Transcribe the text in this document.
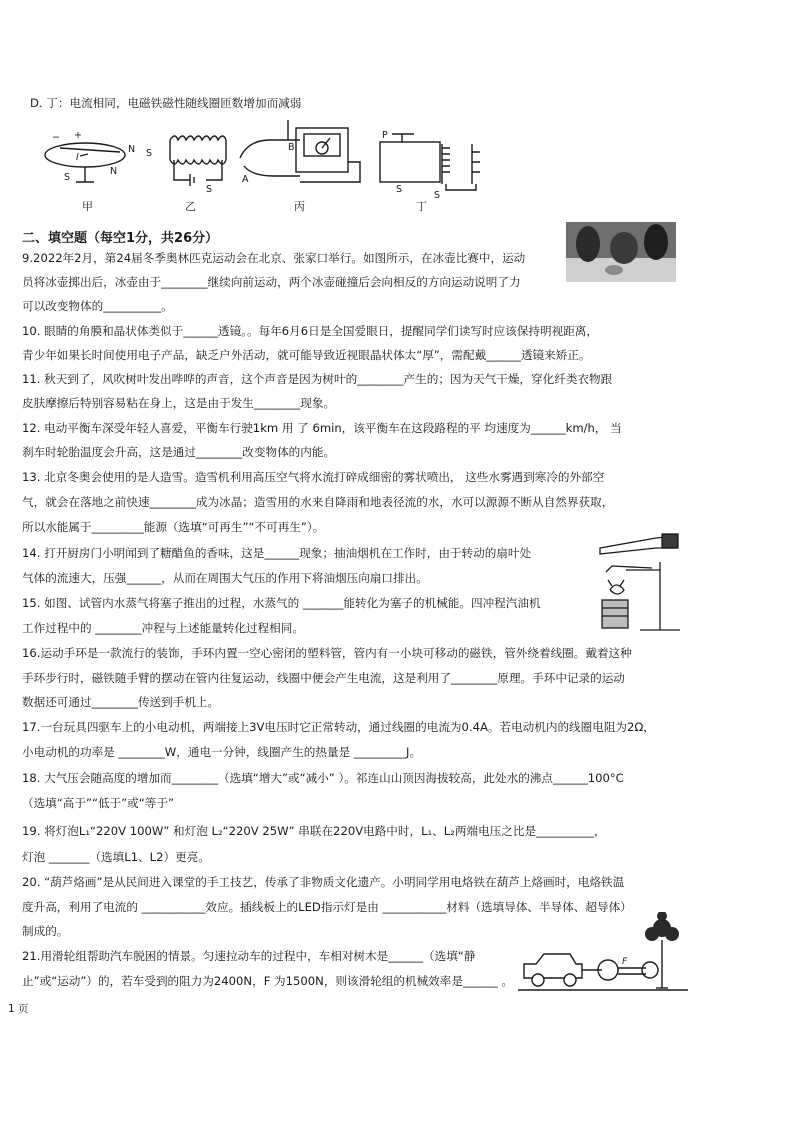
D. 丁：电流相同，电磁铁磁性随线圈匝数增加而减弱
− +
I
S
N
N S
S
B
A
P
S
S
甲	乙	丙	丁
二、填空题（每空1分，共26分）
F
9.2022年2月，第24届冬季奥林匹克运动会在北京、张家口举行。如图所示，在冰壶比赛中，运动
员将冰壶掷出后，冰壶由于________继续向前运动，两个冰壶碰撞后会向相反的方向运动说明了力
可以改变物体的__________。
10. 眼睛的角膜和晶状体类似于______透镜。。每年6月6日是全国爱眼日，提醒同学们读写时应该保持明视距离，
青少年如果长时间使用电子产品，缺乏户外活动，就可能导致近视眼晶状体太“厚”，需配戴______透镜来矫正。
11. 秋天到了，风吹树叶发出哗哗的声音，这个声音是因为树叶的________产生的；因为天气干燥，穿化纤类衣物跟
皮肤摩擦后特别容易粘在身上，这是由于发生________现象。
12. 电动平衡车深受年轻人喜爱，平衡车行驶1km 用 了 6min，该平衡车在这段路程的平 均速度为______km/h， 当
刹车时轮胎温度会升高，这是通过________改变物体的内能。
13. 北京冬奥会使用的是人造雪。造雪机利用高压空气将水流打碎成细密的雾状喷出， 这些水雾遇到寒冷的外部空
气，就会在落地之前快速________成为冰晶；造雪用的水来自降雨和地表径流的水，水可以源源不断从自然界获取，
所以水能属于_________能源（选填“可再生”“不可再生”）。
14. 打开厨房门小明闻到了糖醋鱼的香味，这是______现象；抽油烟机在工作时，由于转动的扇叶处
气体的流速大，压强______，从而在周围大气压的作用下将油烟压向扇口排出。
15. 如图、试管内水蒸气将塞子推出的过程，水蒸气的 _______能转化为塞子的机械能。四冲程汽油机
工作过程中的 ________冲程与上述能量转化过程相同。
16.运动手环是一款流行的装饰，手环内置一空心密闭的塑料管，管内有一小块可移动的磁铁，管外绕着线圈。戴着这种
手环步行时，磁铁随手臂的摆动在管内往复运动，线圈中便会产生电流，这是利用了________原理。手环中记录的运动
数据还可通过________传送到手机上。
17.一台玩具四驱车上的小电动机，两端接上3V电压时它正常转动，通过线圈的电流为0.4A。若电动机内的线圈电阻为2Ω，
小电动机的功率是 ________W，通电一分钟，线圈产生的热量是 _________J。
18. 大气压会随高度的增加而________（选填“增大”或“减小” ）。祁连山山顶因海拔较高，此处水的沸点______100°C
（选填“高于”“低于”或“等于”
19. 将灯泡L₁“220V 100W” 和灯泡 L₂“220V 25W” 串联在220V电路中时，L₁、L₂两端电压之比是__________，
灯泡 _______（选填L1、L2）更亮。
20. “葫芦烙画”是从民间进入课堂的手工技艺，传承了非物质文化遗产。小明同学用电烙铁在葫芦上烙画时，电烙铁温
度升高，利用了电流的 ___________效应。插线板上的LED指示灯是由 ___________材料（选填导体、半导体、超导体）
制成的。
21.用滑轮组帮助汽车脱困的情景。匀速拉动车的过程中，车相对树木是______（选填“静
止”或“运动”）的，若车受到的阻力为2400N，F 为1500N，则该滑轮组的机械效率是______ 。
1 页
